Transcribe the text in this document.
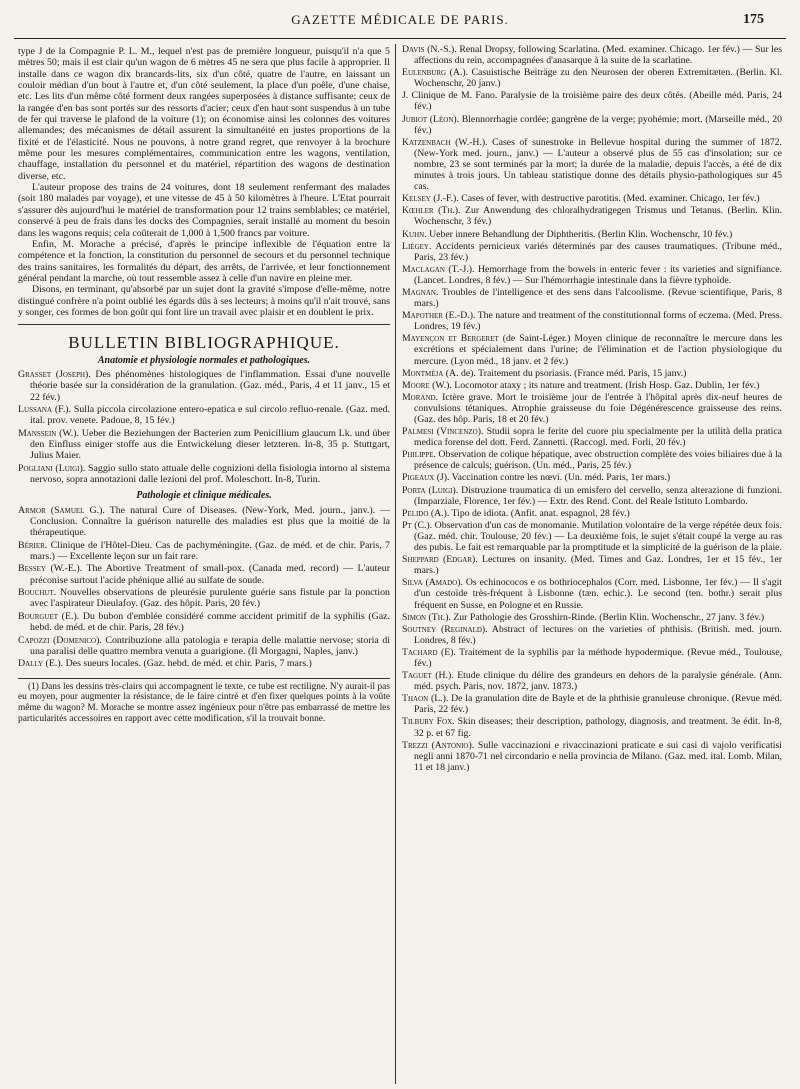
GAZETTE MÉDICALE DE PARIS.	175

type J de la Compagnie P. L. M., lequel n'est pas de première longueur, puisqu'il n'a que 5 mètres 50; mais il est clair qu'un wagon de 6 mètres 45 ne sera que plus facile à approprier. Il installe dans ce wagon dix brancards-lits, six d'un côté, quatre de l'autre, en laissant un couloir médian d'un bout à l'autre et, d'un côté seulement, la place d'un poêle, d'une chaise, etc. Les lits d'un même côté forment deux rangées superposées à distance suffisante; ceux de la rangée d'en bas sont portés sur des ressorts d'acier; ceux d'en haut sont suspendus à un tube de fer qui traverse le plafond de la voiture (1); on économise ainsi les colonnes des voitures allemandes; des mécanismes de détail assurent la simultanéité en justes proportions de la fixité et de l'élasticité. Nous ne pouvons, à notre grand regret, que renvoyer à la brochure même pour les mesures complémentaires, communication entre les wagons, ventilation, chauffage, installation du personnel et du matériel, répartition des wagons de destination diverse, etc.

L'auteur propose des trains de 24 voitures, dont 18 seulement renfermant des malades (soit 180 malades par voyage), et une vitesse de 45 à 50 kilomètres à l'heure. L'Etat pourrait s'assurer dès aujourd'hui le matériel de transformation pour 12 trains semblables; ce matériel, conservé à peu de frais dans les docks des Compagnies, serait installé au moment du besoin dans les wagons requis; cela coûterait de 1,000 à 1,500 francs par voiture.

Enfin, M. Morache a précisé, d'après le principe inflexible de l'équation entre la compétence et la fonction, la constitution du personnel de secours et du personnel technique des trains sanitaires, les formalités du départ, des arrêts, de l'arrivée, et leur fonctionnement général pendant la marche, où tout ressemble assez à celle d'un navire en pleine mer.

Disons, en terminant, qu'absorbé par un sujet dont la gravité s'impose d'elle-même, notre distingué confrère n'a point oublié les égards dûs à ses lecteurs; à moins qu'il n'ait trouvé, sans y songer, ces formes de bon goût qui font lire un travail avec plaisir et en doublent le prix.

BULLETIN BIBLIOGRAPHIQUE.
Anatomie et physiologie normales et pathologiques.
Grasset (Joseph). Des phénomènes histologiques de l'inflammation. Essai d'une nouvelle théorie basée sur la considération de la granulation. (Gaz. méd., Paris, 4 et 11 janv., 15 et 22 fév.)
Lussana (F.). Sulla piccola circolazione entero-epatica e sul circolo refluo-renale. (Gaz. med. ital. prov. venete. Padoue, 8, 15 fév.)
Manssein (W.). Ueber die Beziehungen der Bacterien zum Penicillium glaucum Lk. und über den Einfluss einiger stoffe aus die Entwickelung dieser letzteren. In-8, 35 p. Stuttgart, Julius Maier.
Pogliani (Luigi). Saggio sullo stato attuale delle cognizioni della fisiologia intorno al sistema nervoso, sopra annotazioni dalle lezioni del prof. Moleschott. In-8, Turin.
Pathologie et clinique médicales.
Armor (Samuel G.). The natural Cure of Diseases. (New-York, Med. journ., janv.). — Conclusion. Connaître la guérison naturelle des maladies est plus que la moitié de la thérapeutique.
Bérier. Clinique de l'Hôtel-Dieu. Cas de pachyméningite. (Gaz. de méd. et de chir. Paris, 7 mars.) — Excellente leçon sur un fait rare.
Bessey (W.-E.). The Abortive Treatment of small-pox. (Canada med. record) — L'auteur préconise surtout l'acide phénique allié au sulfate de soude.
Bouchut. Nouvelles observations de pleurésie purulente guérie sans fistule par la ponction avec l'aspirateur Dieulafoy. (Gaz. des hôpit. Paris, 20 fév.)
Bourguet (E.). Du bubon d'emblée considéré comme accident primitif de la syphilis (Gaz. hebd. de méd. et de chir. Paris, 28 fév.)
Capozzi (Domenico). Contribuzione alla patologia e terapia delle malattie nervose; storia di una paralisi delle quattro membra venuta a guarigione. (Il Morgagni, Naples, janv.)
Dally (E.). Des sueurs locales. (Gaz. hebd. de méd. et chir. Paris, 7 mars.)
(1) Dans les dessins très-clairs qui accompagnent le texte, ce tube est rectiligne. N'y aurait-il pas eu moyen, pour augmenter la résistance, de le faire cintré et d'en fixer quelques points à la voûte même du wagon? M. Morache se montre assez ingénieux pour n'être pas embarrassé de mettre les particularités accessoires en rapport avec cette modification, s'il la trouvait bonne.
Davis (N.-S.). Renal Dropsy, following Scarlatina. (Med. examiner. Chicago. 1er fév.) — Sur les affections du rein, accompagnées d'anasarque à la suite de la scarlatine.
Eulenburg (A.). Casuistische Beiträge zu den Neurosen der oberen Extremitæten. (Berlin. Kl. Wochenschr, 20 janv.)
J. Clinique de M. Fano. Paralysie de la troisième paire des deux côtés. (Abeille méd. Paris, 24 fév.)
Jubiot (Léon). Blennorrhagie cordée; gangrène de la verge; pyohémie; mort. (Marseille méd., 20 fév.)
Katzenbach (W.-H.). Cases of sunestroke in Bellevue hospital during the summer of 1872. (New-York med. journ., janv.) — L'auteur a observé plus de 55 cas d'insolation; sur ce nombre, 23 se sont terminés par la mort; la durée de la maladie, depuis l'accès, a été de dix minutes à trois jours. Un tableau statistique donne des détails physio-pathologiques sur 45 cas.
Kelsey (J.-F.). Cases of fever, with destructive parotitis. (Med. examiner. Chicago, 1er fév.)
Kœhler (Th.). Zur Anwendung des chloralhydratigegen Trismus und Tetanus. (Berlin. Klin. Wochenschr, 3 fév.)
Kuhn. Ueber innere Behandlung der Diphtheritis. (Berlin Klin. Wochenschr, 10 fév.)
Liégey. Accidents pernicieux variés déterminés par des causes traumatiques. (Tribune méd., Paris, 23 fév.)
Maclagan (T.-J.). Hemorrhage from the bowels in enteric fever : its varieties and signifiance. (Lancet. Londres, 8 fév.) — Sur l'hémorrhagie intestinale dans la fièvre typhoïde.
Magnan. Troubles de l'intelligence et des sens dans l'alcoolisme. (Revue scientifique, Paris, 8 mars.)
Mapother (E.-D.). The nature and treatment of the constitutionnal forms of eczema. (Med. Press. Londres, 19 fév.)
Mayençon et Bergeret (de Saint-Léger.) Moyen clinique de reconnaître le mercure dans les excrétions et spécialement dans l'urine; de l'élimination et de l'action physiologique du mercure. (Lyon méd., 18 janv. et 2 fév.)
Montméja (A. de). Traitement du psoriasis. (France méd. Paris, 15 janv.)
Moore (W.). Locomotor ataxy ; its nature and treatment. (Irish Hosp. Gaz. Dublin, 1er fév.)
Morand. Ictère grave. Mort le troisième jour de l'entrée à l'hôpital après dix-neuf heures de convulsions tétaniques. Atrophie graisseuse du foie Dégénérescence graisseuse des reins. (Gaz. des hôp. Paris, 18 et 20 fév.)
Palmesi (Vincenzo). Studii sopra le ferite del cuore piu specialmente per la utilità della pratica medica forense del dott. Ferd. Zannetti. (Raccogl. med. Forli, 20 fév.)
Philippe. Observation de colique hépatique, avec obstruction complète des voies biliaires due à la présence de calculs; guérison. (Un. méd., Paris, 25 fév.)
Pigeaux (J). Vaccination contre les nœvi. (Un. méd. Paris, 1er mars.)
Porta (Luigi). Distruzione traumatica di un emisfero del cervello, senza alterazione di funzioni. (Imparziale, Florence, 1er fév.) — Extr. des Rend. Cont. del Reale Istituto Lombardo.
Pelido (A.). Tipo de idiota. (Anfit. anat. espagnol, 28 fév.)
Pt (C.). Observation d'un cas de monomanie. Mutilation volontaire de la verge répétée deux fois. (Gaz. méd. chir. Toulouse, 20 fév.) — La deuxième fois, le sujet s'était coupé la verge au ras des pubis. Le fait est remarquable par la promptitude et la simplicité de la guérison de la plaie.
Sheppard (Edgar). Lectures on insanity. (Med. Times and Gaz. Londres, 1er et 15 fév., 1er mars.)
Silva (Amado). Os echinococos e os bothriocephalos (Corr. med. Lisbonne, 1er fév.) — Il s'agit d'un cestoïde très-fréquent à Lisbonne (tæn. echic.). Le second (ten. bothr.) serait plus fréquent en Susse, en Pologne et en Russie.
Simon (Th.). Zur Pathologie des Grosshirn-Rinde. (Berlin Klin. Wochenschr., 27 janv. 3 fév.)
Soutney (Reginald). Abstract of lectures on the varieties of phthisis. (British. med. journ. Londres, 8 fév.)
Tachard (E). Traitement de la syphilis par la méthode hypodermique. (Revue méd., Toulouse, fév.)
Taguet (H.). Etude clinique du délire des grandeurs en dehors de la paralysie générale. (Ann. méd. psych. Paris, nov. 1872, janv. 1873.)
Thaon (L.). De la granulation dite de Bayle et de la phthisie granuleuse chronique. (Revue méd. Paris, 22 fév.)
Tilbury Fox. Skin diseases; their description, pathology, diagnosis, and treatment. 3e édit. In-8, 32 p. et 67 fig.
Trezzi (Antonio). Sulle vaccinazioni e rivaccinazioni praticate e sui casi di vajolo verificatisi negli anni 1870-71 nel circondario e nella provincia de Milano. (Gaz. med. ital. Lomb. Milan, 11 et 18 janv.)
